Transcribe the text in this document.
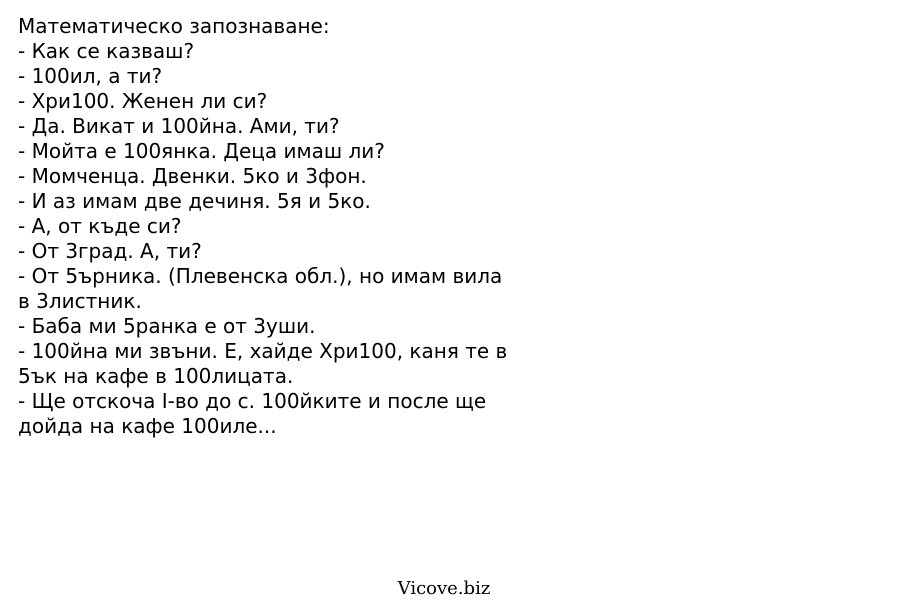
Математическо запознаване:
- Как се казваш?
- 100ил, а ти?
- Хри100. Женен ли си?
- Да. Викат и 100йна. Ами, ти?
- Мойта е 100янка. Деца имаш ли?
- Момченца. Двенки. 5ко и 3фон.
- И аз имам две дечиня. 5я и 5ко.
- А, от къде си?
- От 3град. А, ти?
- От 5ърника. (Плевенска обл.), но имам вила
в 3листник.
- Баба ми 5ранка е от 3уши.
- 100йна ми звъни. Е, хайде Хри100, каня те в
5ък на кафе в 100лицата.
- Ще отскоча I-во до с. 100йките и после ще
дойда на кафе 100иле...
Vicove.biz
